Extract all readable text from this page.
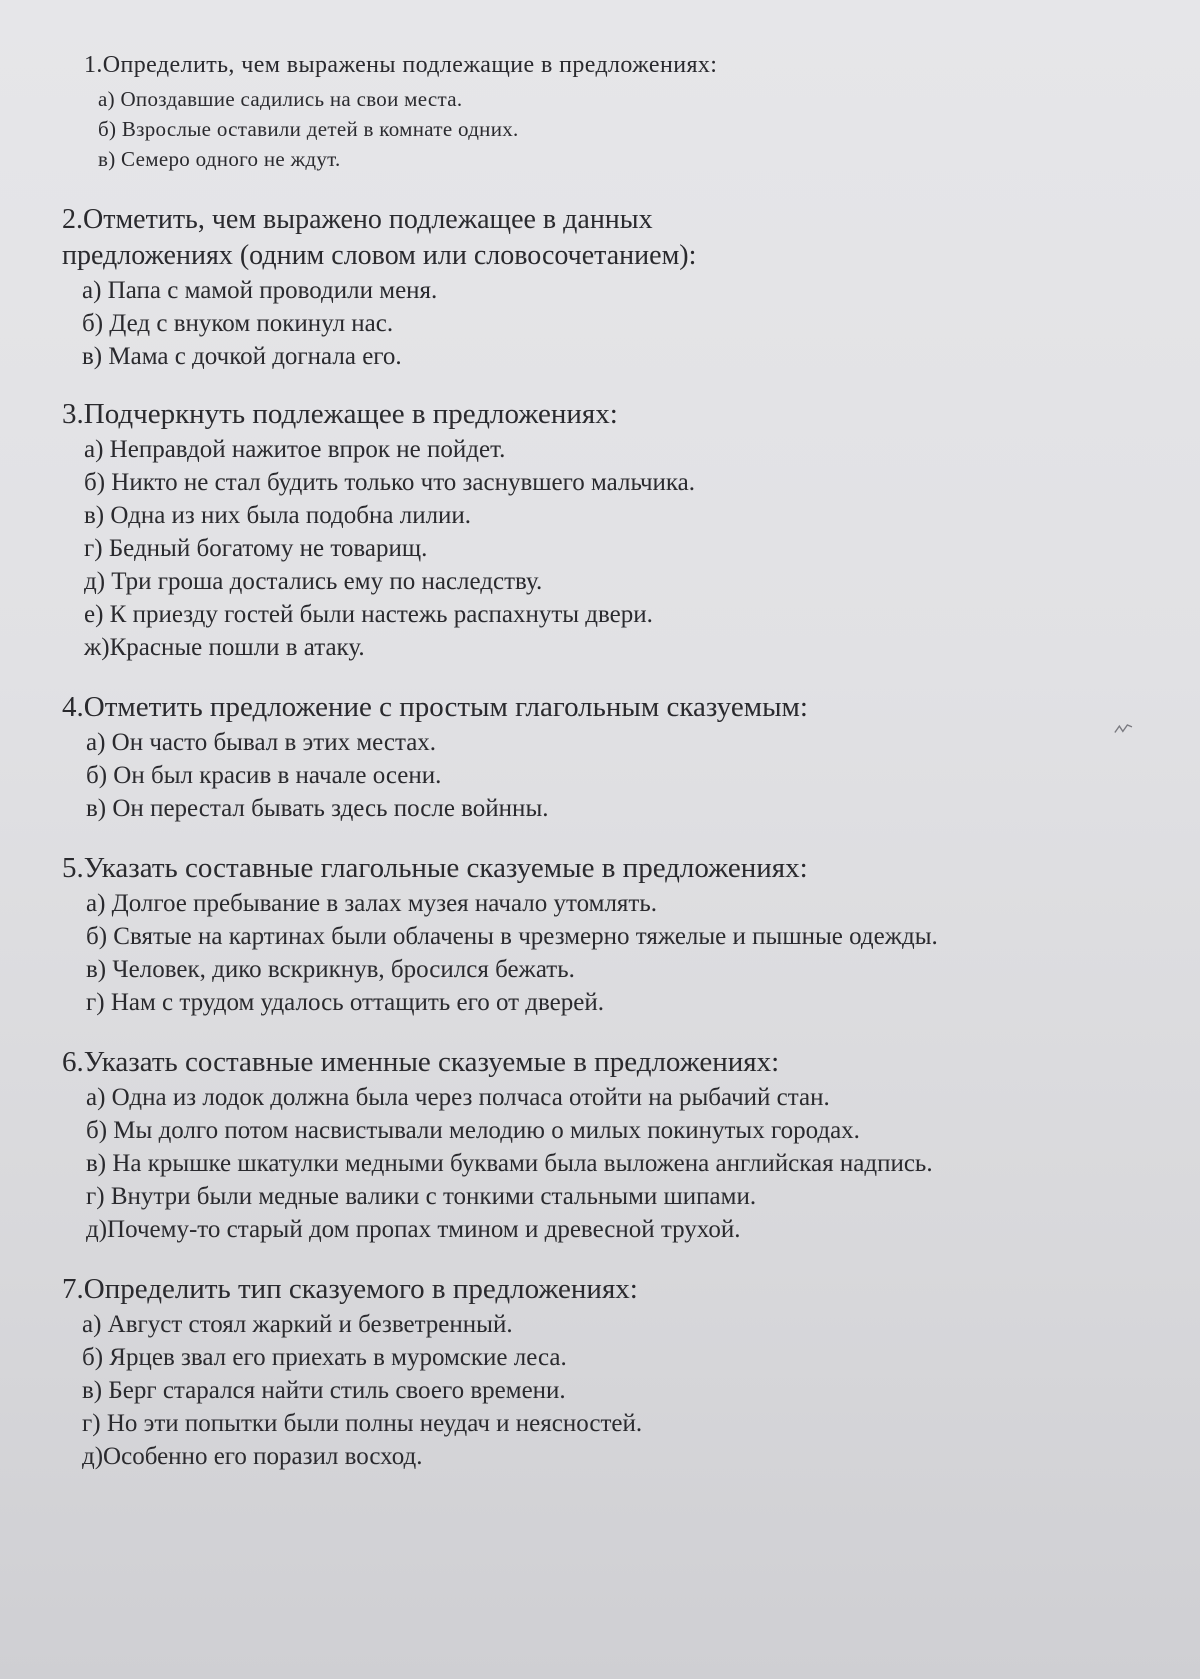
1.Определить, чем выражены подлежащие в предложениях:
а) Опоздавшие садились на свои места.
б) Взрослые оставили детей в комнате одних.
в) Семеро одного не ждут.
2.Отметить, чем выражено подлежащее в данных
предложениях (одним словом или словосочетанием):
а) Папа с мамой проводили меня.
б) Дед с внуком покинул нас.
в) Мама с дочкой догнала его.
3.Подчеркнуть подлежащее в предложениях:
а) Неправдой нажитое впрок не пойдет.
б) Никто не стал будить только что заснувшего мальчика.
в) Одна из них была подобна лилии.
г) Бедный богатому не товарищ.
д) Три гроша достались ему по наследству.
е) К приезду гостей были настежь распахнуты двери.
ж)Красные пошли в атаку.
4.Отметить предложение с простым глагольным сказуемым:
а) Он часто бывал в этих местах.
б) Он был красив в начале осени.
в) Он перестал бывать здесь после войнны.
5.Указать составные глагольные сказуемые в предложениях:
а) Долгое пребывание в залах музея начало утомлять.
б) Святые на картинах были облачены в чрезмерно тяжелые и пышные одежды.
в) Человек, дико вскрикнув, бросился бежать.
г) Нам с трудом удалось оттащить его от дверей.
6.Указать составные именные сказуемые в предложениях:
а) Одна из лодок должна была через полчаса отойти на рыбачий стан.
б) Мы долго потом насвистывали мелодию о милых покинутых городах.
в) На крышке шкатулки медными буквами была выложена английская надпись.
г) Внутри были медные валики с тонкими стальными шипами.
д)Почему-то старый дом пропах тмином и древесной трухой.
7.Определить тип сказуемого в предложениях:
а) Август стоял жаркий и безветренный.
б) Ярцев звал его приехать в муромские леса.
в) Берг старался найти стиль своего времени.
г) Но эти попытки были полны неудач и неясностей.
д)Особенно его поразил восход.
